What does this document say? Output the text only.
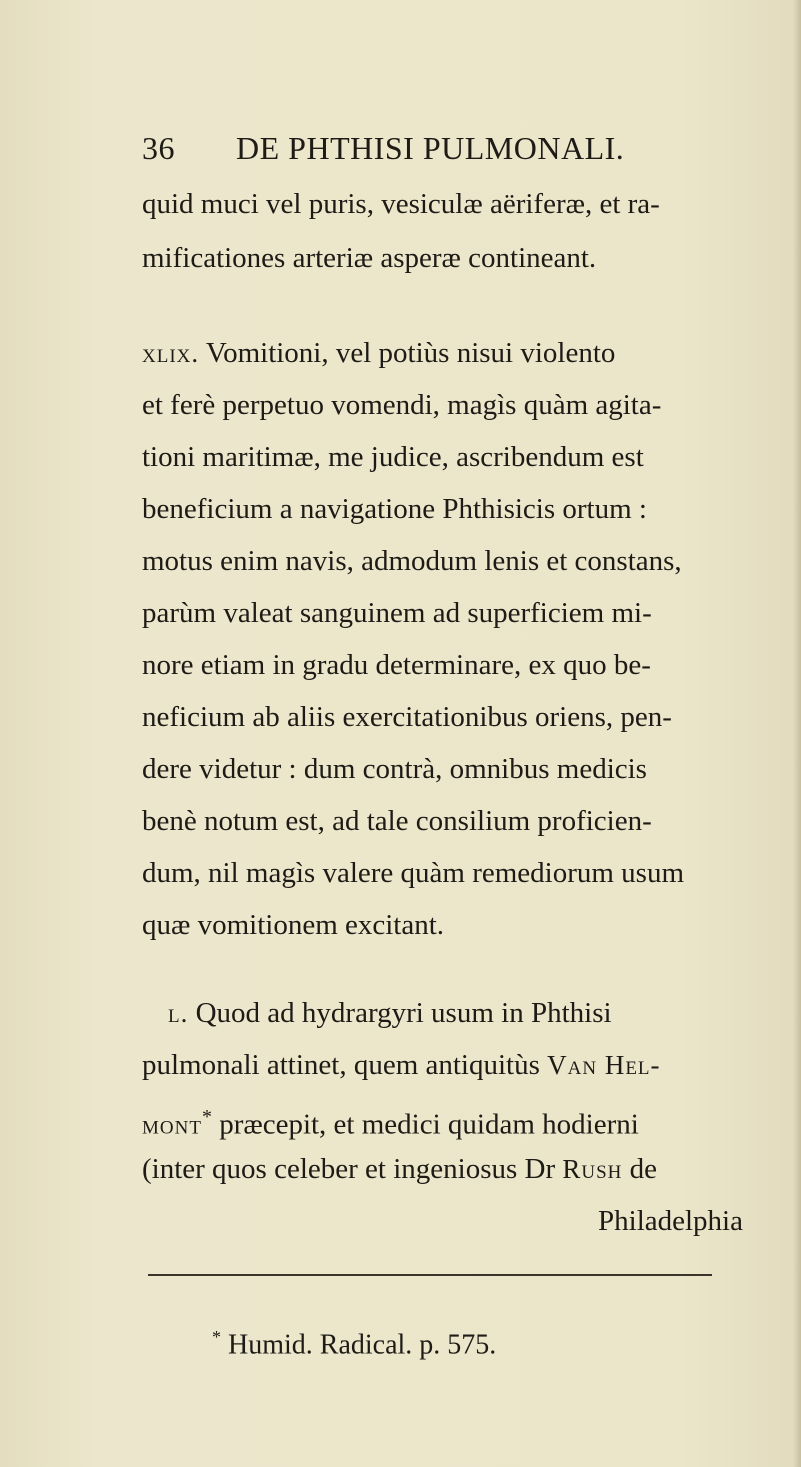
36 DE PHTHISI PULMONALI.
quid muci vel puris, vesiculæ aëriferæ, et ra-
mificationes arteriæ asperæ contineant.
xlix. Vomitioni, vel potiùs nisui violento
et ferè perpetuo vomendi, magìs quàm agita-
tioni maritimæ, me judice, ascribendum est
beneficium a navigatione Phthisicis ortum :
motus enim navis, admodum lenis et constans,
parùm valeat sanguinem ad superficiem mi-
nore etiam in gradu determinare, ex quo be-
neficium ab aliis exercitationibus oriens, pen-
dere videtur : dum contrà, omnibus medicis
benè notum est, ad tale consilium proficien-
dum, nil magìs valere quàm remediorum usum
quæ vomitionem excitant.
l. Quod ad hydrargyri usum in Phthisi
pulmonali attinet, quem antiquitùs Van Hel-
mont* præcepit, et medici quidam hodierni
(inter quos celeber et ingeniosus Dr Rush de
Philadelphia
* Humid. Radical. p. 575.
